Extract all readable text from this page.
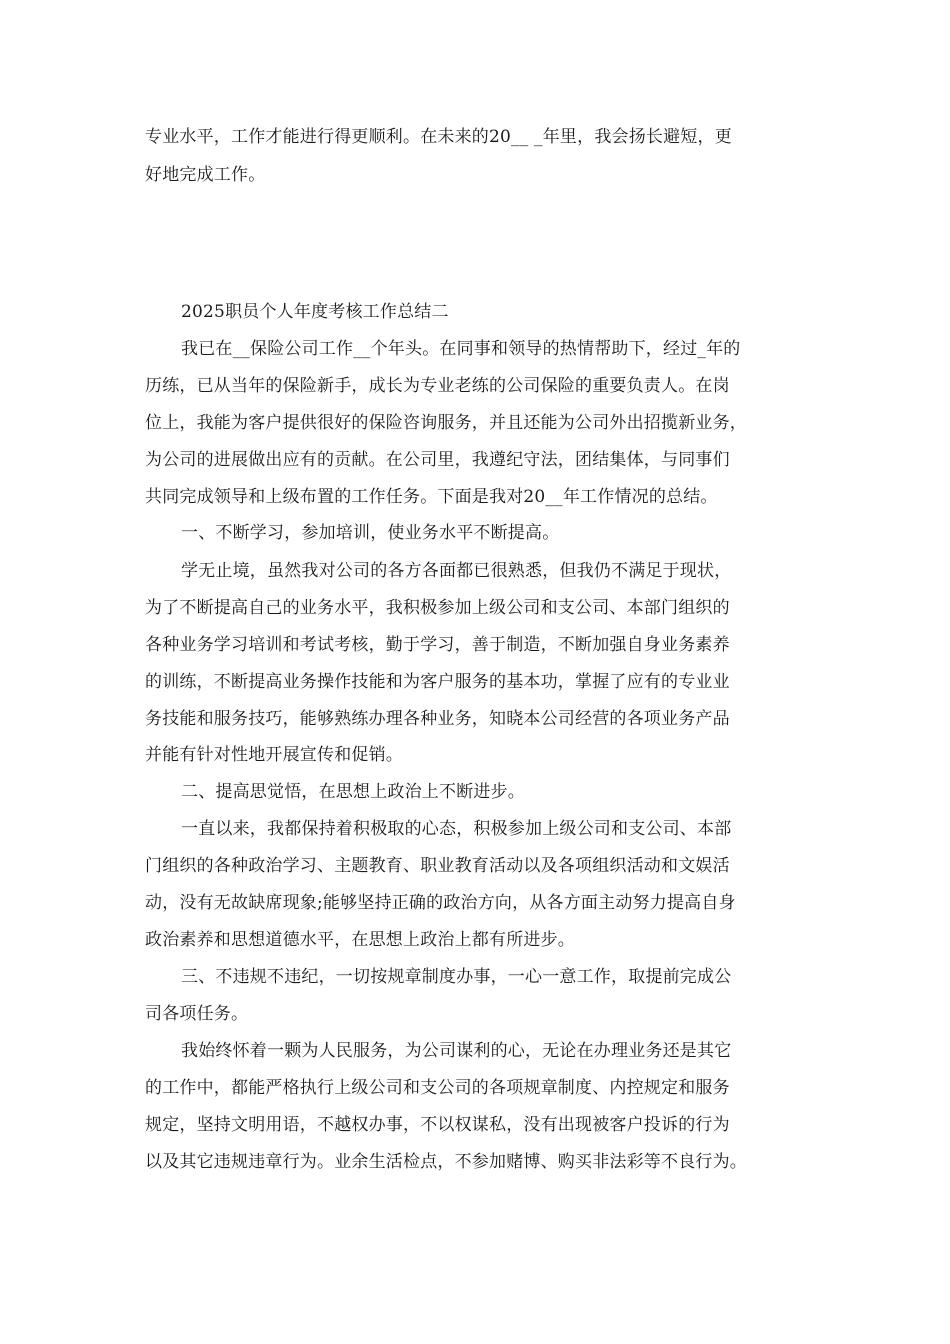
专业水平，工作才能进行得更顺利。在未来的20__ _年里，我会扬长避短，更
好地完成工作。
2025职员个人年度考核工作总结二
我已在__保险公司工作__个年头。在同事和领导的热情帮助下，经过_年的
历练，已从当年的保险新手，成长为专业老练的公司保险的重要负责人。在岗
位上，我能为客户提供很好的保险咨询服务，并且还能为公司外出招揽新业务，
为公司的进展做出应有的贡献。在公司里，我遵纪守法，团结集体，与同事们
共同完成领导和上级布置的工作任务。下面是我对20__年工作情况的总结。
一、不断学习，参加培训，使业务水平不断提高。
学无止境，虽然我对公司的各方各面都已很熟悉，但我仍不满足于现状，
为了不断提高自己的业务水平，我积极参加上级公司和支公司、本部门组织的
各种业务学习培训和考试考核，勤于学习，善于制造，不断加强自身业务素养
的训练，不断提高业务操作技能和为客户服务的基本功，掌握了应有的专业业
务技能和服务技巧，能够熟练办理各种业务，知晓本公司经营的各项业务产品
并能有针对性地开展宣传和促销。
二、提高思觉悟，在思想上政治上不断进步。
一直以来，我都保持着积极取的心态，积极参加上级公司和支公司、本部
门组织的各种政治学习、主题教育、职业教育活动以及各项组织活动和文娱活
动，没有无故缺席现象;能够坚持正确的政治方向，从各方面主动努力提高自身
政治素养和思想道德水平，在思想上政治上都有所进步。
三、不违规不违纪，一切按规章制度办事，一心一意工作，取提前完成公
司各项任务。
我始终怀着一颗为人民服务，为公司谋利的心，无论在办理业务还是其它
的工作中，都能严格执行上级公司和支公司的各项规章制度、内控规定和服务
规定，坚持文明用语，不越权办事，不以权谋私，没有出现被客户投诉的行为
以及其它违规违章行为。业余生活检点，不参加赌博、购买非法彩等不良行为。
